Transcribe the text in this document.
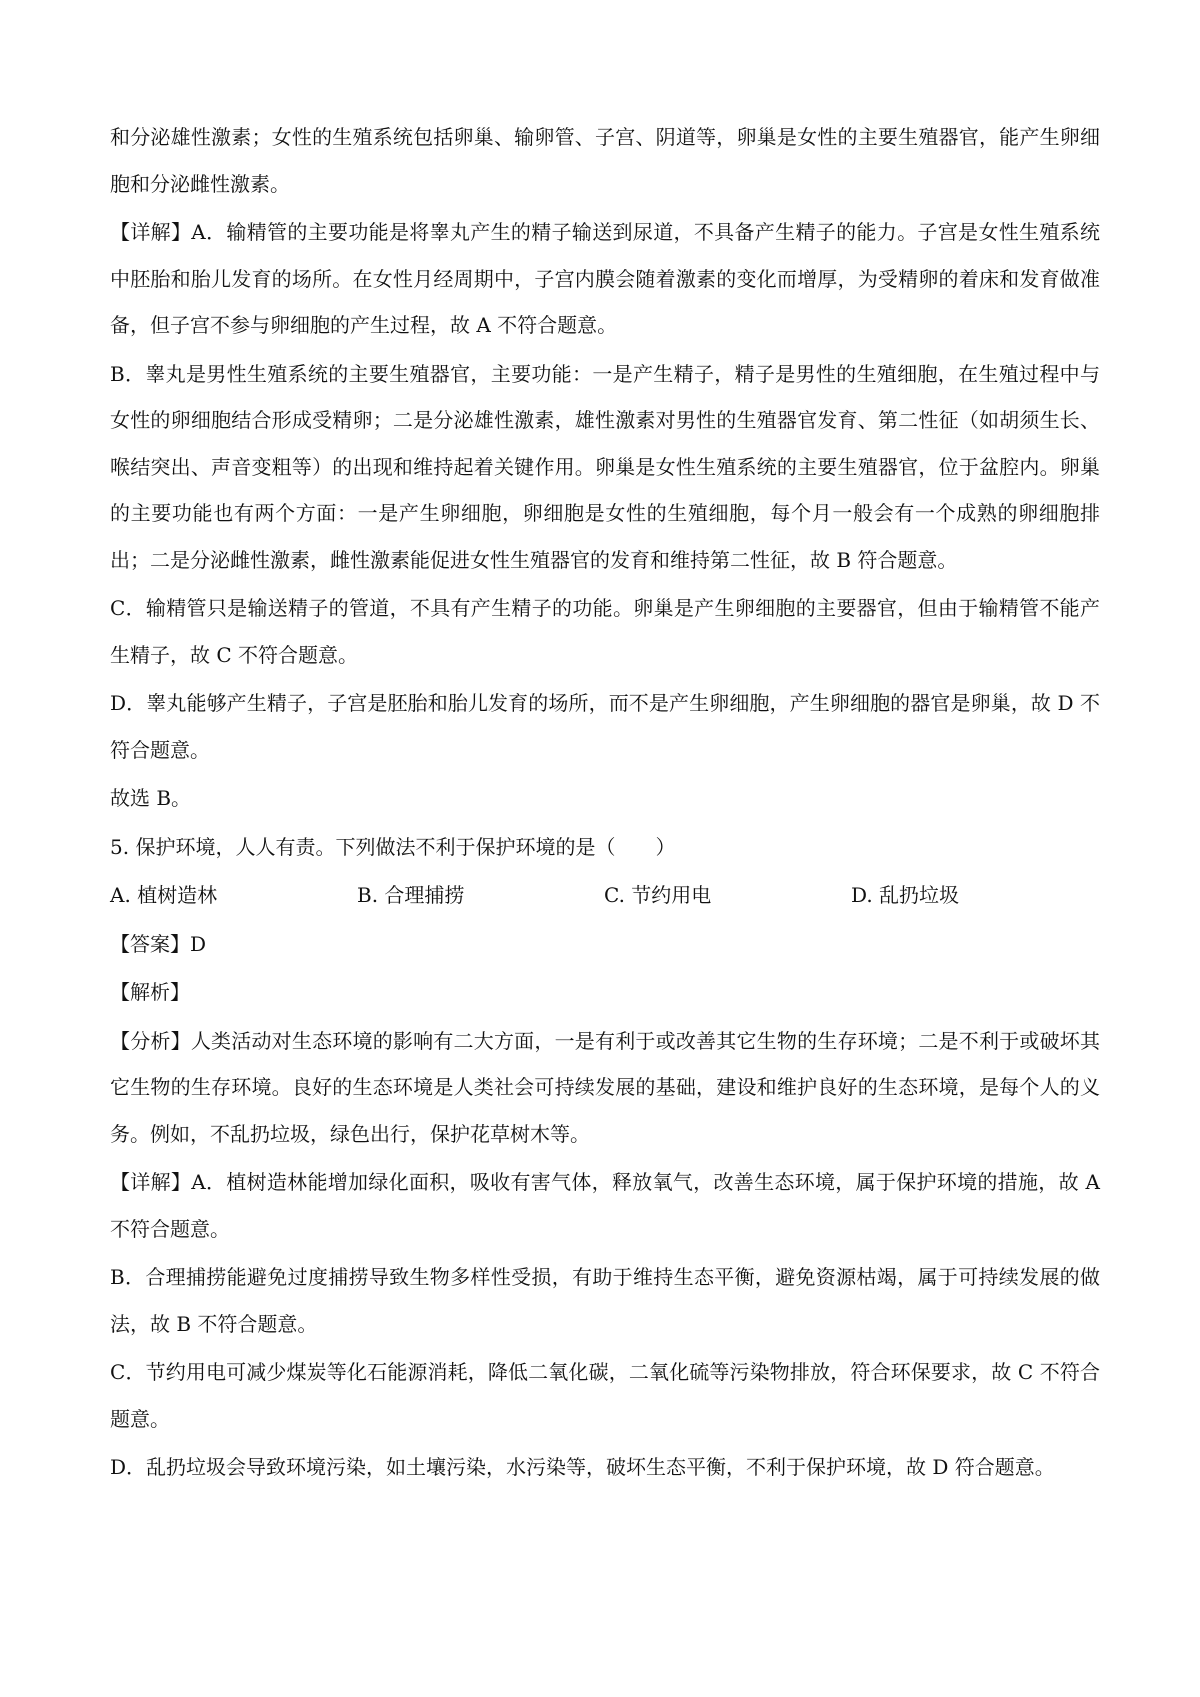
和分泌雄性激素；女性的生殖系统包括卵巢、输卵管、子宫、阴道等，卵巢是女性的主要生殖器官，能产生卵细胞和分泌雌性激素。

【详解】A．输精管的主要功能是将睾丸产生的精子输送到尿道，不具备产生精子的能力。子宫是女性生殖系统中胚胎和胎儿发育的场所。在女性月经周期中，子宫内膜会随着激素的变化而增厚，为受精卵的着床和发育做准备，但子宫不参与卵细胞的产生过程，故 A 不符合题意。

B．睾丸是男性生殖系统的主要生殖器官，主要功能：一是产生精子，精子是男性的生殖细胞，在生殖过程中与女性的卵细胞结合形成受精卵；二是分泌雄性激素，雄性激素对男性的生殖器官发育、第二性征（如胡须生长、喉结突出、声音变粗等）的出现和维持起着关键作用。卵巢是女性生殖系统的主要生殖器官，位于盆腔内。卵巢的主要功能也有两个方面：一是产生卵细胞，卵细胞是女性的生殖细胞，每个月一般会有一个成熟的卵细胞排出；二是分泌雌性激素，雌性激素能促进女性生殖器官的发育和维持第二性征，故 B 符合题意。

C．输精管只是输送精子的管道，不具有产生精子的功能。卵巢是产生卵细胞的主要器官，但由于输精管不能产生精子，故 C 不符合题意。

D．睾丸能够产生精子，子宫是胚胎和胎儿发育的场所，而不是产生卵细胞，产生卵细胞的器官是卵巢，故 D 不符合题意。

故选 B。

5. 保护环境，人人有责。下列做法不利于保护环境的是（　　）

A. 植树造林	B. 合理捕捞	C. 节约用电	D. 乱扔垃圾

【答案】D

【解析】

【分析】人类活动对生态环境的影响有二大方面，一是有利于或改善其它生物的生存环境；二是不利于或破坏其它生物的生存环境。良好的生态环境是人类社会可持续发展的基础，建设和维护良好的生态环境，是每个人的义务。例如，不乱扔垃圾，绿色出行，保护花草树木等。

【详解】A．植树造林能增加绿化面积，吸收有害气体，释放氧气，改善生态环境，属于保护环境的措施，故 A 不符合题意。

B．合理捕捞能避免过度捕捞导致生物多样性受损，有助于维持生态平衡，避免资源枯竭，属于可持续发展的做法，故 B 不符合题意。

C．节约用电可减少煤炭等化石能源消耗，降低二氧化碳，二氧化硫等污染物排放，符合环保要求，故 C 不符合题意。

D．乱扔垃圾会导致环境污染，如土壤污染，水污染等，破坏生态平衡，不利于保护环境，故 D 符合题意。
